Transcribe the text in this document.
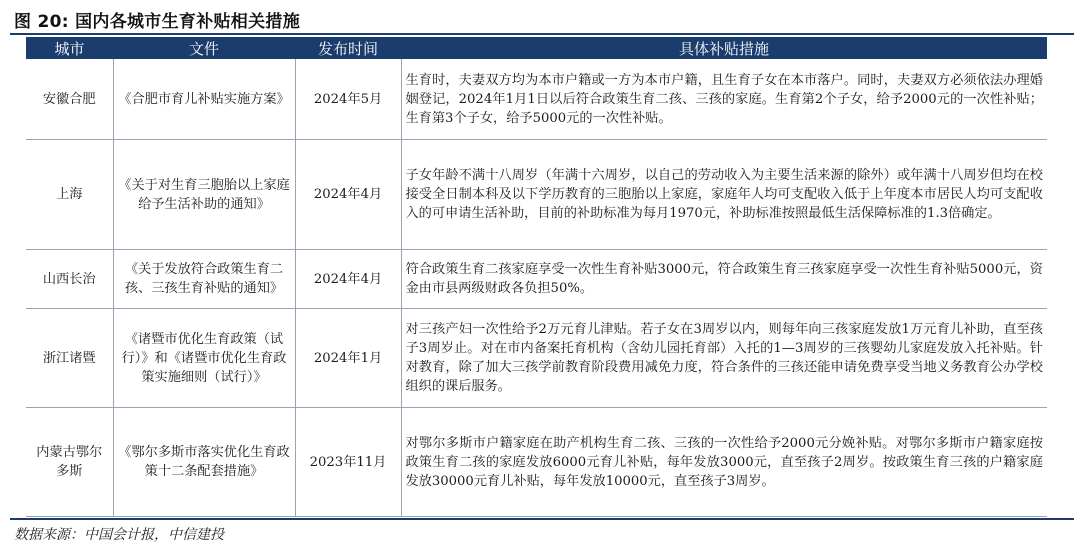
图 20: 国内各城市生育补贴相关措施
城市	文件	发布时间	具体补贴措施
安徽合肥	《合肥市育儿补贴实施方案》	2024年5月	生育时，夫妻双方均为本市户籍或一方为本市户籍，且生育子女在本市落户。同时，夫妻双方必须依法办理婚姻登记，2024年1月1日以后符合政策生育二孩、三孩的家庭。生育第2个子女，给予2000元的一次性补贴；生育第3个子女，给予5000元的一次性补贴。
上海	《关于对生育三胞胎以上家庭给予生活补助的通知》	2024年4月	子女年龄不满十八周岁（年满十六周岁，以自己的劳动收入为主要生活来源的除外）或年满十八周岁但均在校接受全日制本科及以下学历教育的三胞胎以上家庭，家庭年人均可支配收入低于上年度本市居民人均可支配收入的可申请生活补助，目前的补助标准为每月1970元，补助标准按照最低生活保障标准的1.3倍确定。
山西长治	《关于发放符合政策生育二孩、三孩生育补贴的通知》	2024年4月	符合政策生育二孩家庭享受一次性生育补贴3000元，符合政策生育三孩家庭享受一次性生育补贴5000元，资金由市县两级财政各负担50%。
浙江诸暨	《诸暨市优化生育政策（试行）》和《诸暨市优化生育政策实施细则（试行）》	2024年1月	对三孩产妇一次性给予2万元育儿津贴。若子女在3周岁以内，则每年向三孩家庭发放1万元育儿补助，直至孩子3周岁止。对在市内备案托育机构（含幼儿园托育部）入托的1—3周岁的三孩婴幼儿家庭发放入托补贴。针对教育，除了加大三孩学前教育阶段费用减免力度，符合条件的三孩还能申请免费享受当地义务教育公办学校组织的课后服务。
内蒙古鄂尔多斯	《鄂尔多斯市落实优化生育政策十二条配套措施》	2023年11月	对鄂尔多斯市户籍家庭在助产机构生育二孩、三孩的一次性给予2000元分娩补贴。对鄂尔多斯市户籍家庭按政策生育二孩的家庭发放6000元育儿补贴，每年发放3000元，直至孩子2周岁。按政策生育三孩的户籍家庭发放30000元育儿补贴，每年发放10000元，直至孩子3周岁。
数据来源：中国会计报，中信建投
